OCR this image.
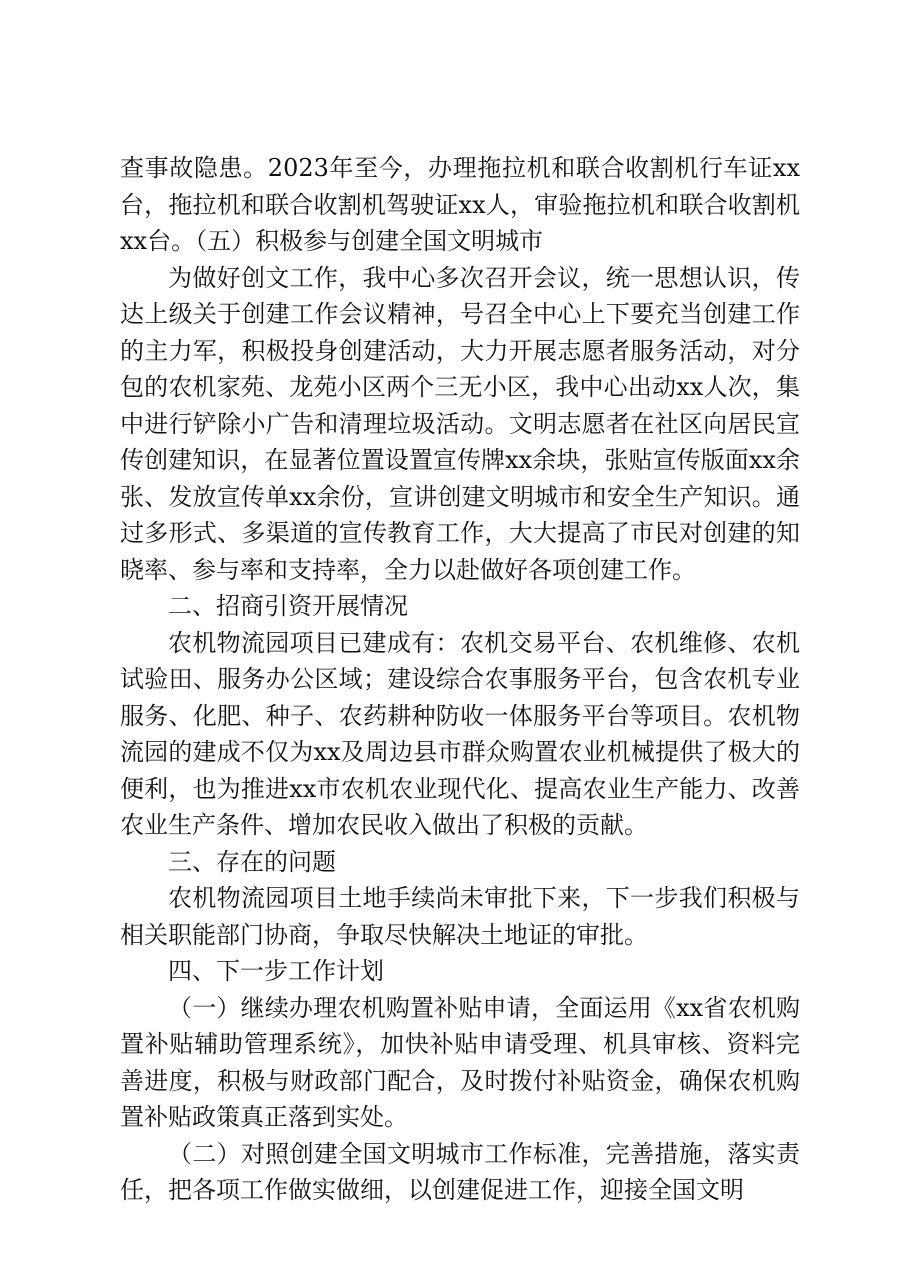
查事故隐患。2023年至今，办理拖拉机和联合收割机行车证xx台，拖拉机和联合收割机驾驶证xx人，审验拖拉机和联合收割机xx台。（五）积极参与创建全国文明城市

为做好创文工作，我中心多次召开会议，统一思想认识，传达上级关于创建工作会议精神，号召全中心上下要充当创建工作的主力军，积极投身创建活动，大力开展志愿者服务活动，对分包的农机家苑、龙苑小区两个三无小区，我中心出动xx人次，集中进行铲除小广告和清理垃圾活动。文明志愿者在社区向居民宣传创建知识，在显著位置设置宣传牌xx余块，张贴宣传版面xx余张、发放宣传单xx余份，宣讲创建文明城市和安全生产知识。通过多形式、多渠道的宣传教育工作，大大提高了市民对创建的知晓率、参与率和支持率，全力以赴做好各项创建工作。

二、招商引资开展情况

农机物流园项目已建成有：农机交易平台、农机维修、农机试验田、服务办公区域；建设综合农事服务平台，包含农机专业服务、化肥、种子、农药耕种防收一体服务平台等项目。农机物流园的建成不仅为xx及周边县市群众购置农业机械提供了极大的便利，也为推进xx市农机农业现代化、提高农业生产能力、改善农业生产条件、增加农民收入做出了积极的贡献。

三、存在的问题

农机物流园项目土地手续尚未审批下来，下一步我们积极与相关职能部门协商，争取尽快解决土地证的审批。

四、下一步工作计划

（一）继续办理农机购置补贴申请，全面运用《xx省农机购置补贴辅助管理系统》，加快补贴申请受理、机具审核、资料完善进度，积极与财政部门配合，及时拨付补贴资金，确保农机购置补贴政策真正落到实处。

（二）对照创建全国文明城市工作标准，完善措施，落实责任，把各项工作做实做细，以创建促进工作，迎接全国文明
